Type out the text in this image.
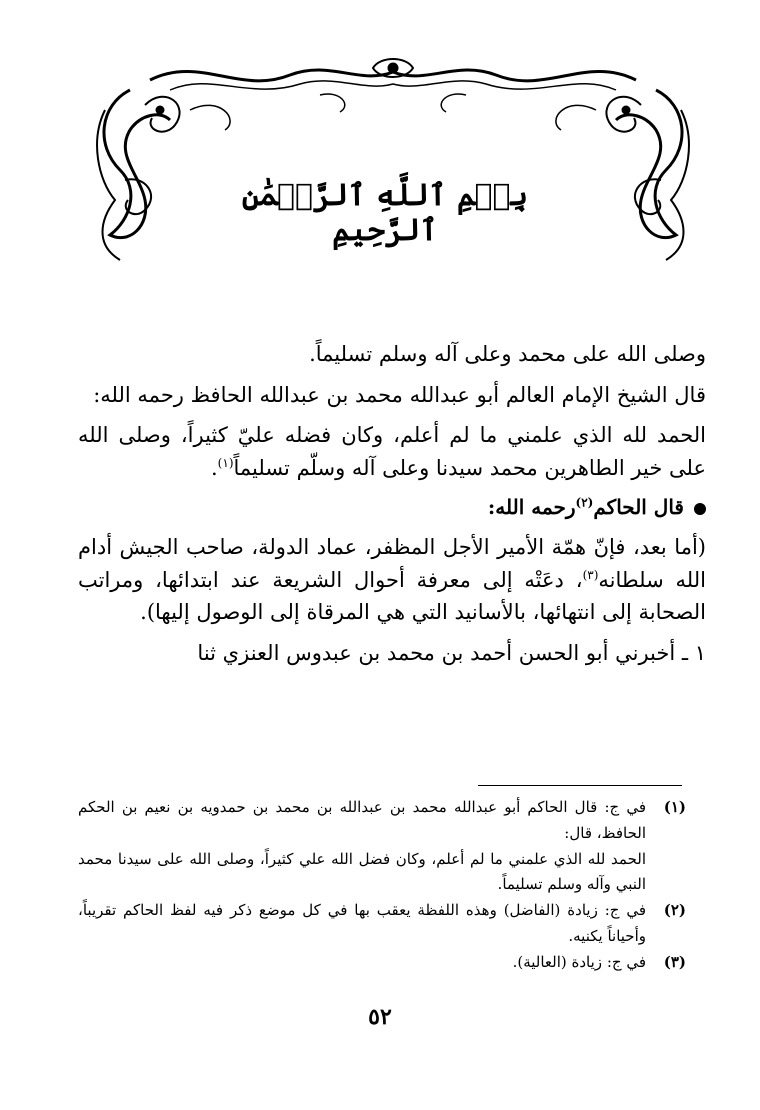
بِسۡمِ ٱللَّهِ ٱلرَّحۡمَٰنِ ٱلرَّحِيمِ

وصلى الله على محمد وعلى آله وسلم تسليماً.

قال الشيخ الإمام العالم أبو عبدالله محمد بن عبدالله الحافظ رحمه الله:

الحمد لله الذي علمني ما لم أعلم، وكان فضله عليّ كثيراً، وصلى الله على خير الطاهرين محمد سيدنا وعلى آله وسلّم تسليماً$^{(١)}$.

قال الحاكم$^{(٢)}$رحمه الله:

(أما بعد، فإنّ همّة الأمير الأجل المظفر، عماد الدولة، صاحب الجيش أدام الله سلطانه$^{(٣)}$، دعَتْه إلى معرفة أحوال الشريعة عند ابتدائها، ومراتب الصحابة إلى انتهائها، بالأسانيد التي هي المرقاة إلى الوصول إليها).

١ ـ أخبرني أبو الحسن أحمد بن محمد بن عبدوس العنزي ثنا

(١)
في ج: قال الحاكم أبو عبدالله محمد بن عبدالله بن محمد بن حمدويه بن نعيم بن الحكم الحافظ، قال:
الحمد لله الذي علمني ما لم أعلم، وكان فضل الله علي كثيراً، وصلى الله على سيدنا محمد النبي وآله وسلم تسليماً.
(٢)
في ج: زيادة (الفاضل) وهذه اللفظة يعقب بها في كل موضع ذكر فيه لفظ الحاكم تقريباً، وأحياناً يكنيه.
(٣)
في ج: زيادة (العالية).
٥٢
